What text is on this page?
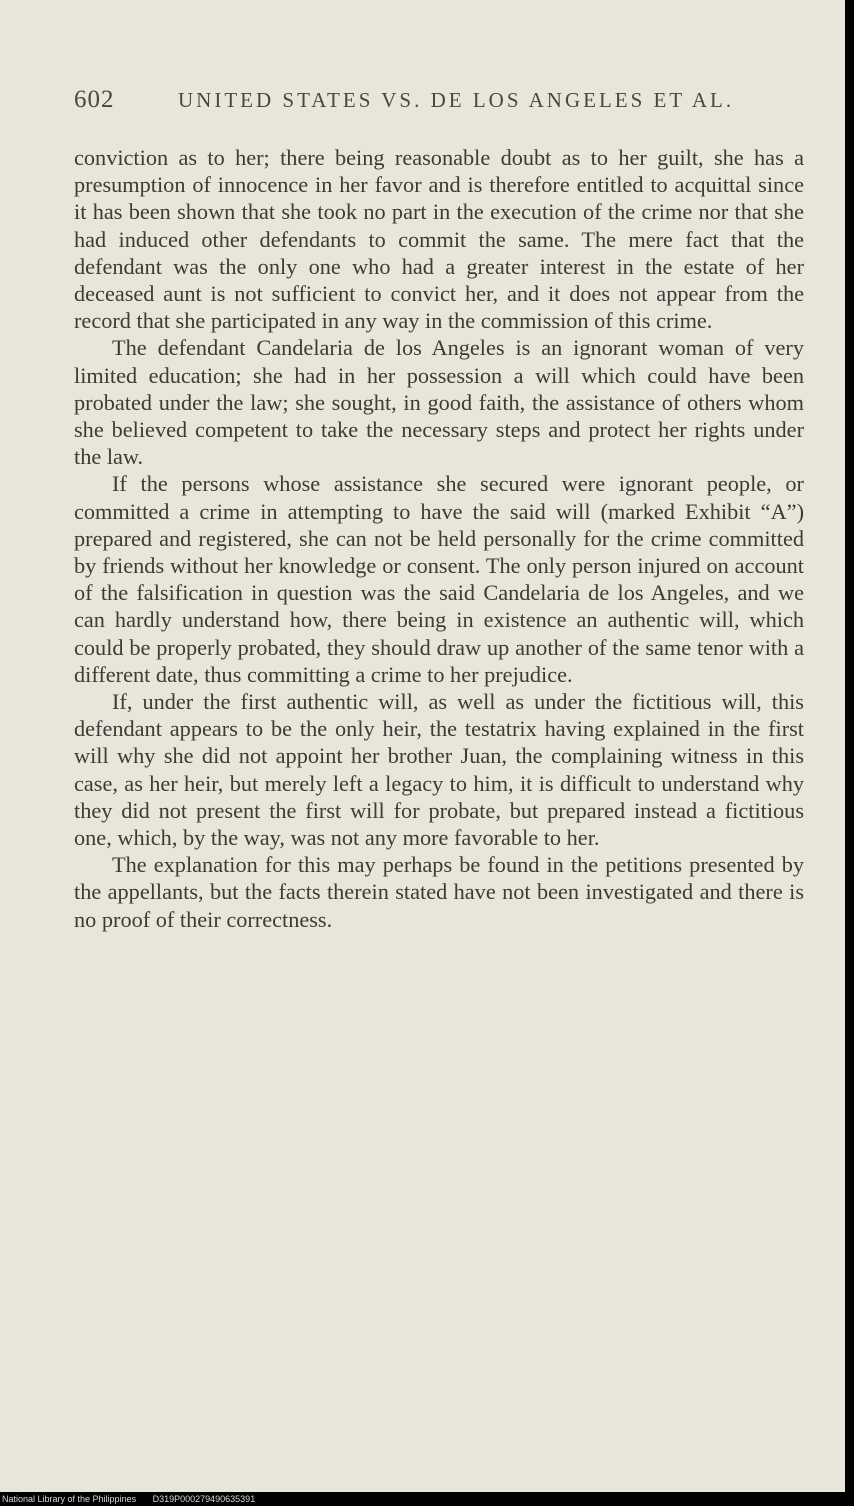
602	UNITED STATES VS. DE LOS ANGELES ET AL.

conviction as to her; there being reasonable doubt as to her guilt, she has a presumption of innocence in her favor and is therefore entitled to acquittal since it has been shown that she took no part in the execution of the crime nor that she had induced other defendants to commit the same. The mere fact that the defendant was the only one who had a greater interest in the estate of her deceased aunt is not sufficient to convict her, and it does not appear from the record that she participated in any way in the commission of this crime.

The defendant Candelaria de los Angeles is an ignorant woman of very limited education; she had in her possession a will which could have been probated under the law; she sought, in good faith, the assistance of others whom she believed competent to take the necessary steps and protect her rights under the law.

If the persons whose assistance she secured were ignorant people, or committed a crime in attempting to have the said will (marked Exhibit “A”) prepared and registered, she can not be held personally for the crime committed by friends without her knowledge or consent. The only person injured on account of the falsification in question was the said Candelaria de los Angeles, and we can hardly understand how, there being in existence an authentic will, which could be properly probated, they should draw up another of the same tenor with a different date, thus committing a crime to her prejudice.

If, under the first authentic will, as well as under the fictitious will, this defendant appears to be the only heir, the testatrix having explained in the first will why she did not appoint her brother Juan, the complaining witness in this case, as her heir, but merely left a legacy to him, it is difficult to understand why they did not present the first will for probate, but prepared instead a fictitious one, which, by the way, was not any more favorable to her.

The explanation for this may perhaps be found in the petitions presented by the appellants, but the facts therein stated have not been investigated and there is no proof of their correctness.

National Library of the Philippines D319P000279490635391
